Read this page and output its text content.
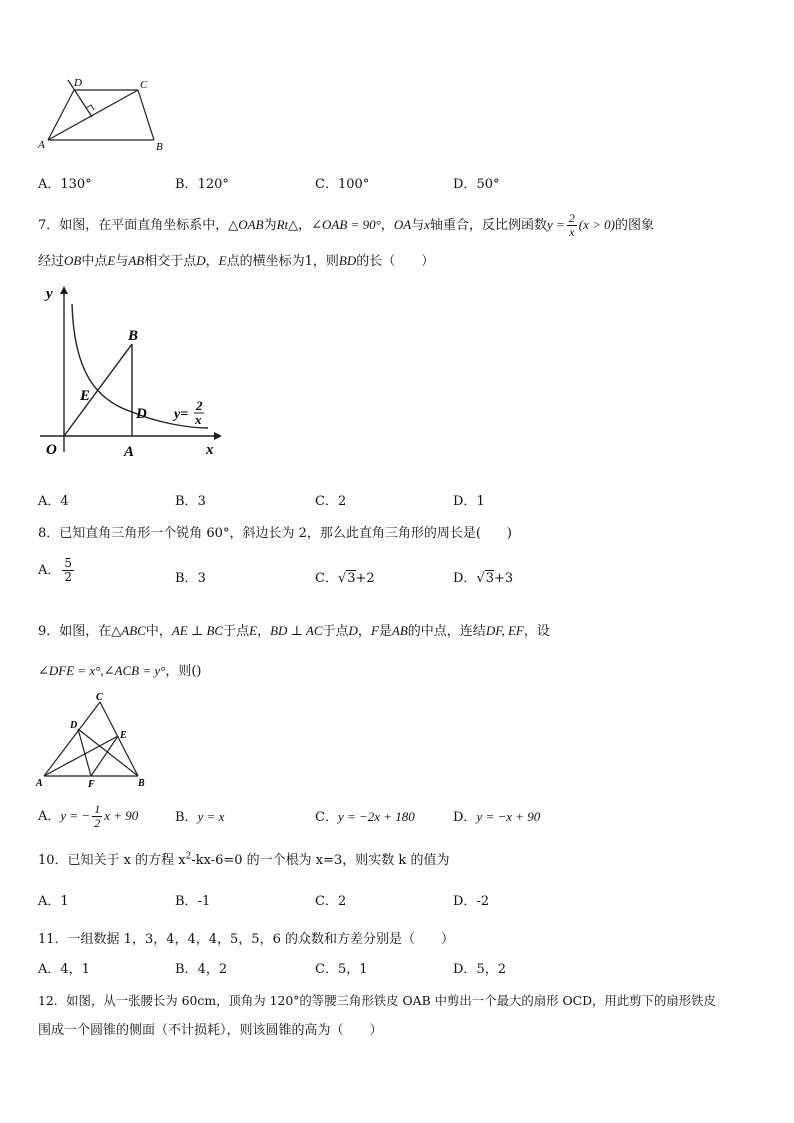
D	C
A	B
A．130°	B．120°	C．100°	D．50°
7．如图，在平面直角坐标系中，△OAB为Rt△，∠OAB = 90°，OA与x轴重合，反比例函数$y = \frac{2}{x} (x > 0)$的图象
经过OB中点E与AB相交于点D，E点的横坐标为1，则BD的长（　　）
y
x
O	A
B
E
D y=
2
x
A．4	B．3	C．2	D．1
8．已知直角三角形一个锐角 60°，斜边长为 2，那么此直角三角形的周长是(　　)
A． $\frac{5}{2}$	B．3	C．√3+2	D．√3+3
9．如图，在△ABC中，AE ⊥ BC于点E，BD ⊥ AC于点D，F是AB的中点，连结DF, EF，设
∠DFE = x°,∠ACB = y°，则()
C
D
E
A	F	B
A．y = − $\frac{1}{2}$ x + 90	B．y = x	C．y = −2x + 180	D．y = −x + 90
10．已知关于 x 的方程 $x^2-kx-6=0$ 的一个根为 x=3，则实数 k 的值为
A．1	B．-1	C．2	D．-2
11．一组数据 1，3，4，4，4，5，5，6 的众数和方差分别是（　　）
A．4，1	B．4，2	C．5，1	D．5，2
12．如图，从一张腰长为 60cm，顶角为 120°的等腰三角形铁皮 OAB 中剪出一个最大的扇形 OCD，用此剪下的扇形铁皮
围成一个圆锥的侧面（不计损耗），则该圆锥的高为（　　）
